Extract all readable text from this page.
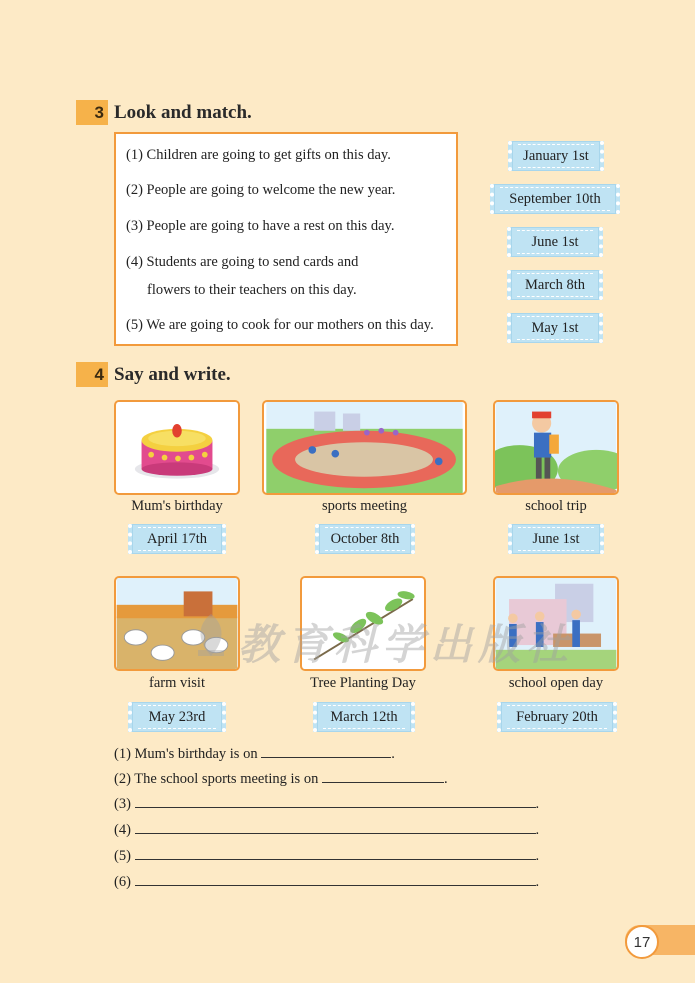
3 Look and match.
(1) Children are going to get gifts on this day.
(2) People are going to welcome the new year.
(3) People are going to have a rest on this day.
(4) Students are going to send cards and
flowers to their teachers on this day.
(5) We are going to cook for our mothers on this day.
January 1st
September 10th
June 1st
March 8th
May 1st
4 Say and write.
Mum's birthday	sports meeting	school trip
April 17th	October 8th	June 1st
教育科学出版社
farm visit	Tree Planting Day	school open day
May 23rd	March 12th	February 20th
(1) Mum's birthday is on	.
(2) The school sports meeting is on	.
(3)	.
(4)	.
(5)	.
(6)	.
17
